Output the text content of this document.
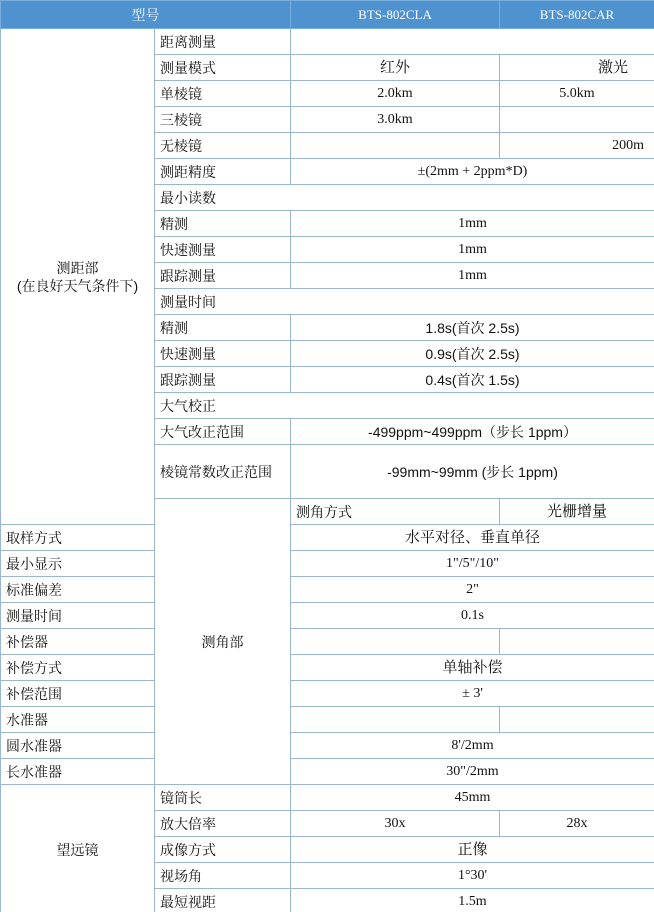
型号		BTS-802CLA	BTS-802CAR
测距部
(在良好天气条件下)	距离测量		
	测量模式	红外	激光
	单棱镜	2.0km	5.0km
	三棱镜	3.0km	
	无棱镜		200m
	测距精度	±(2mm + 2ppm*D)	
	最小读数		
	精测	1mm	
	快速测量	1mm	
	跟踪测量	1mm	
	测量时间		
	精测	1.8s(首次 2.5s)	
	快速测量	0.9s(首次 2.5s)	
	跟踪测量	0.4s(首次 1.5s)	
	大气校正		
	大气改正范围	-499ppm~499ppm（步长 1ppm）	
	棱镜常数改正范围	-99mm~99mm (步长 1ppm)	
	测角部	测角方式	光栅增量
取样方式		水平对径、垂直单径	
最小显示		1"/5"/10"	
标准偏差		2"	
测量时间		0.1s	
补偿器			
补偿方式		单轴补偿	
补偿范围		± 3'	
水准器			
圆水准器		8'/2mm	
长水准器		30"/2mm	
望远镜	镜筒长	45mm	
	放大倍率	30x	28x
	成像方式	正像	
	视场角	1°30'	
	最短视距	1.5m	
